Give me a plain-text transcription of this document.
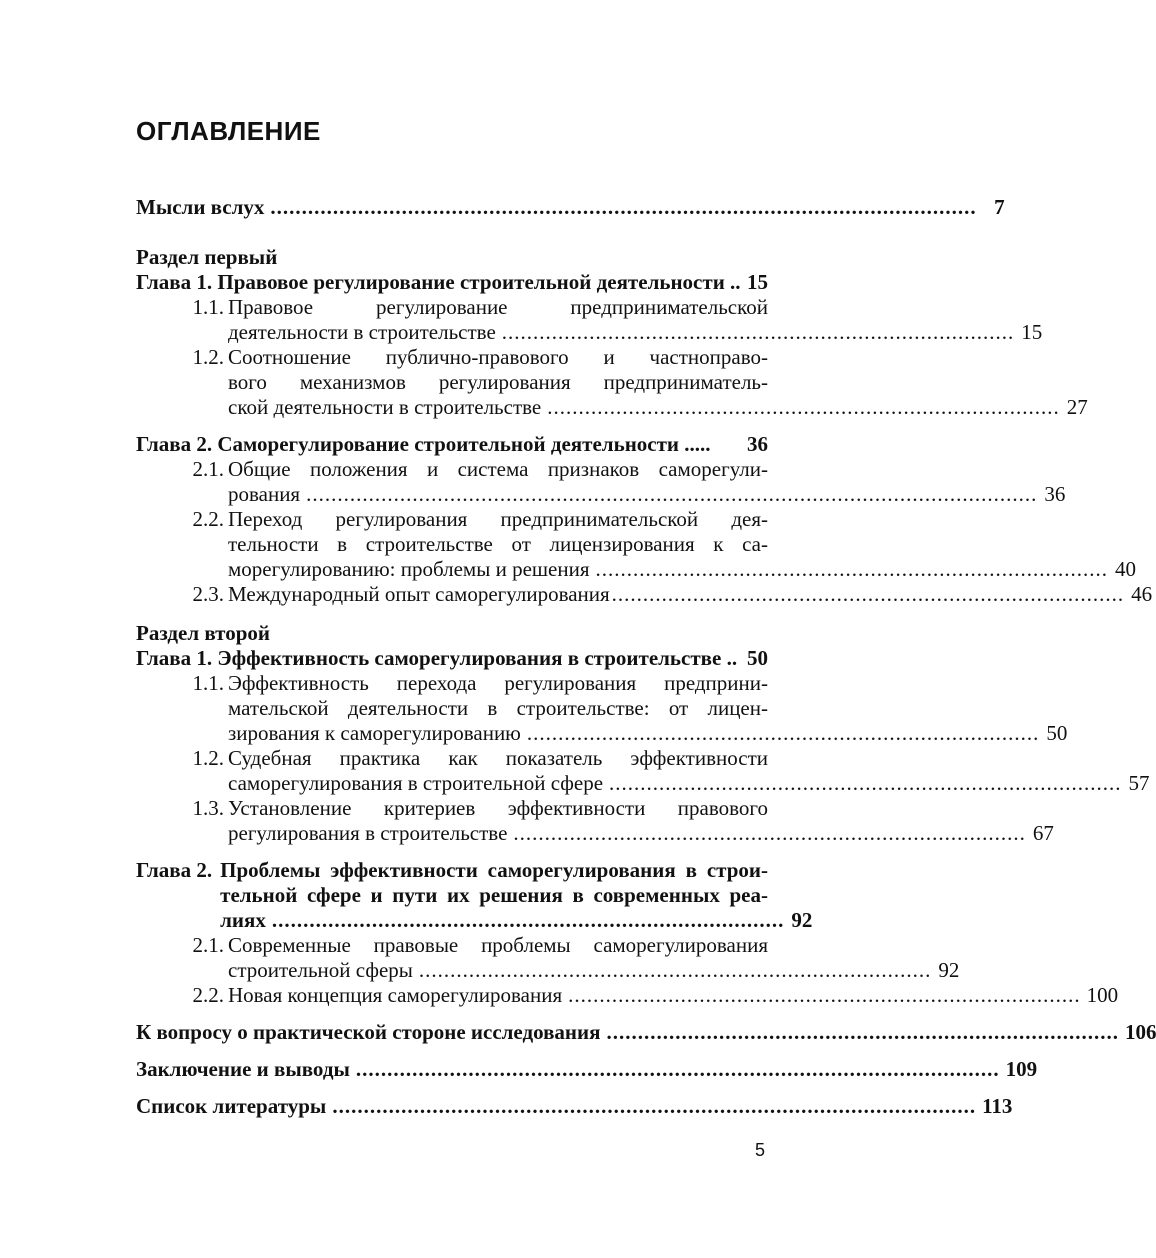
ОГЛАВЛЕНИЕ
Мысли вслух ................................................................................................................. 7
Раздел первый
Глава 1. Правовое регулирование строительной деятельности .. 15
1.1. Правовое регулирование предпринимательской
деятельности в строительстве .................................................................................. 15
1.2. Соотношение публично-правового и частноправо-
вого механизмов регулирования предприниматель-
ской деятельности в строительстве .................................................................................. 27
Глава 2. Саморегулирование строительной деятельности .....	36
2.1. Общие положения и система признаков саморегули-
рования ..................................................................................................................... 36
2.2. Переход регулирования предпринимательской дея-
тельности в строительстве от лицензирования к са-
морегулированию: проблемы и решения .................................................................................. 40
2.3. Международный опыт саморегулирования .................................................................................. 46
Раздел второй
Глава 1. Эффективность саморегулирования в строительстве .. 50
1.1. Эффективность перехода регулирования предприни-
мательской деятельности в строительстве: от лицен-
зирования к саморегулированию .................................................................................. 50
1.2. Судебная практика как показатель эффективности
саморегулирования в строительной сфере .................................................................................. 57
1.3. Установление критериев эффективности правового
регулирования в строительстве .................................................................................. 67
Глава 2. Проблемы эффективности саморегулирования в строи-
тельной сфере и пути их решения в современных реа-
лиях .................................................................................. 92
2.1. Современные правовые проблемы саморегулирования
строительной сферы .................................................................................. 92
2.2. Новая концепция саморегулирования .................................................................................. 100
К вопросу о практической стороне исследования .................................................................................. 106
Заключение и выводы ....................................................................................................... 109
Список литературы ....................................................................................................... 113
5
